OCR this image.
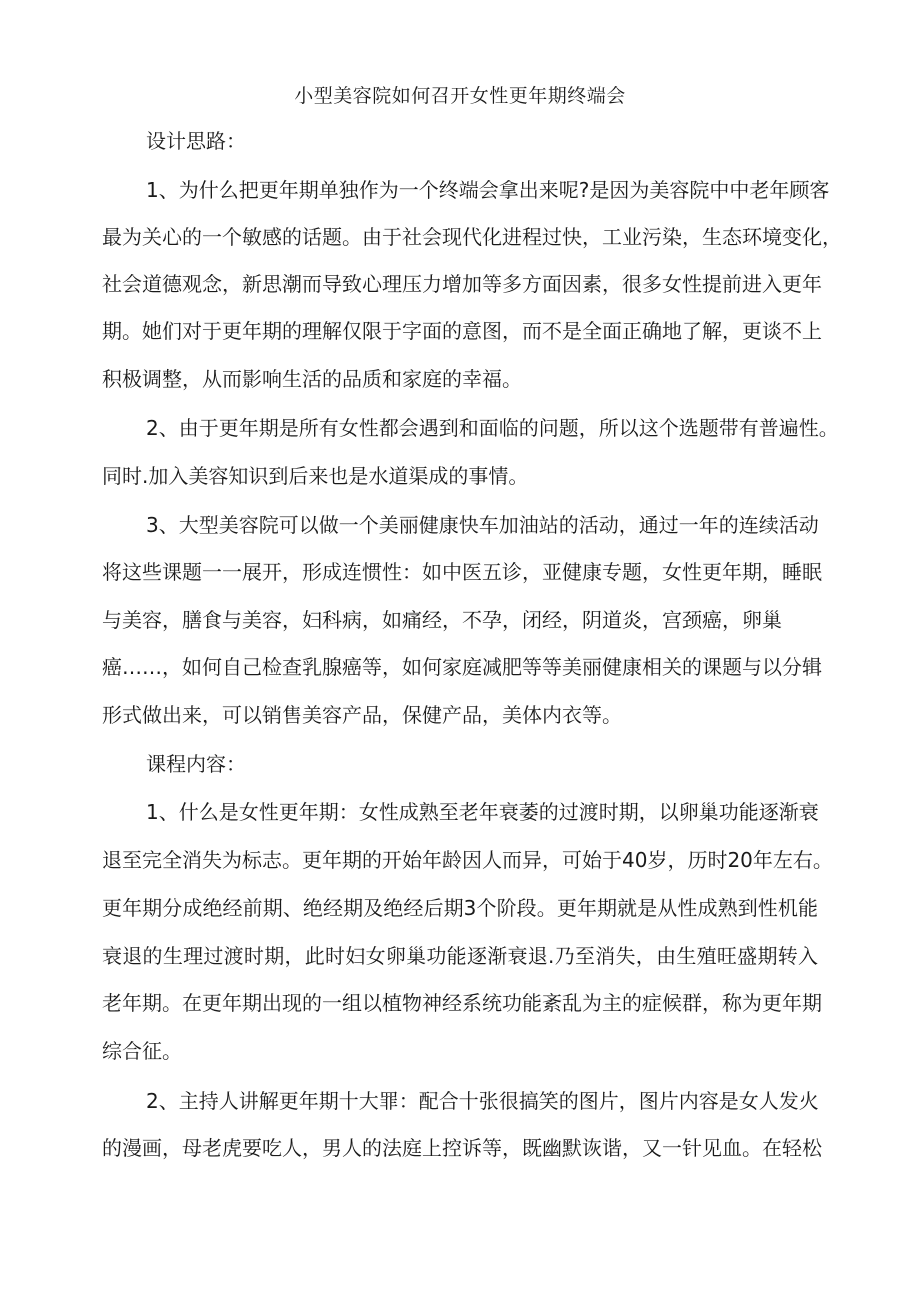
小型美容院如何召开女性更年期终端会
设计思路：
1、为什么把更年期单独作为一个终端会拿出来呢?是因为美容院中中老年顾客
最为关心的一个敏感的话题。由于社会现代化进程过快，工业污染，生态环境变化，
社会道德观念，新思潮而导致心理压力增加等多方面因素，很多女性提前进入更年
期。她们对于更年期的理解仅限于字面的意图，而不是全面正确地了解，更谈不上
积极调整，从而影响生活的品质和家庭的幸福。
2、由于更年期是所有女性都会遇到和面临的问题，所以这个选题带有普遍性。
同时.加入美容知识到后来也是水道渠成的事情。
3、大型美容院可以做一个美丽健康快车加油站的活动，通过一年的连续活动
将这些课题一一展开，形成连惯性：如中医五诊，亚健康专题，女性更年期，睡眠
与美容，膳食与美容，妇科病，如痛经，不孕，闭经，阴道炎，宫颈癌，卵巢
癌……，如何自己检查乳腺癌等，如何家庭减肥等等美丽健康相关的课题与以分辑
形式做出来，可以销售美容产品，保健产品，美体内衣等。
课程内容：
1、什么是女性更年期：女性成熟至老年衰萎的过渡时期，以卵巢功能逐渐衰
退至完全消失为标志。更年期的开始年龄因人而异，可始于40岁，历时20年左右。
更年期分成绝经前期、绝经期及绝经后期3个阶段。更年期就是从性成熟到性机能
衰退的生理过渡时期，此时妇女卵巢功能逐渐衰退.乃至消失，由生殖旺盛期转入
老年期。在更年期出现的一组以植物神经系统功能紊乱为主的症候群，称为更年期
综合征。
2、主持人讲解更年期十大罪：配合十张很搞笑的图片，图片内容是女人发火
的漫画，母老虎要吃人，男人的法庭上控诉等，既幽默诙谐，又一针见血。在轻松
